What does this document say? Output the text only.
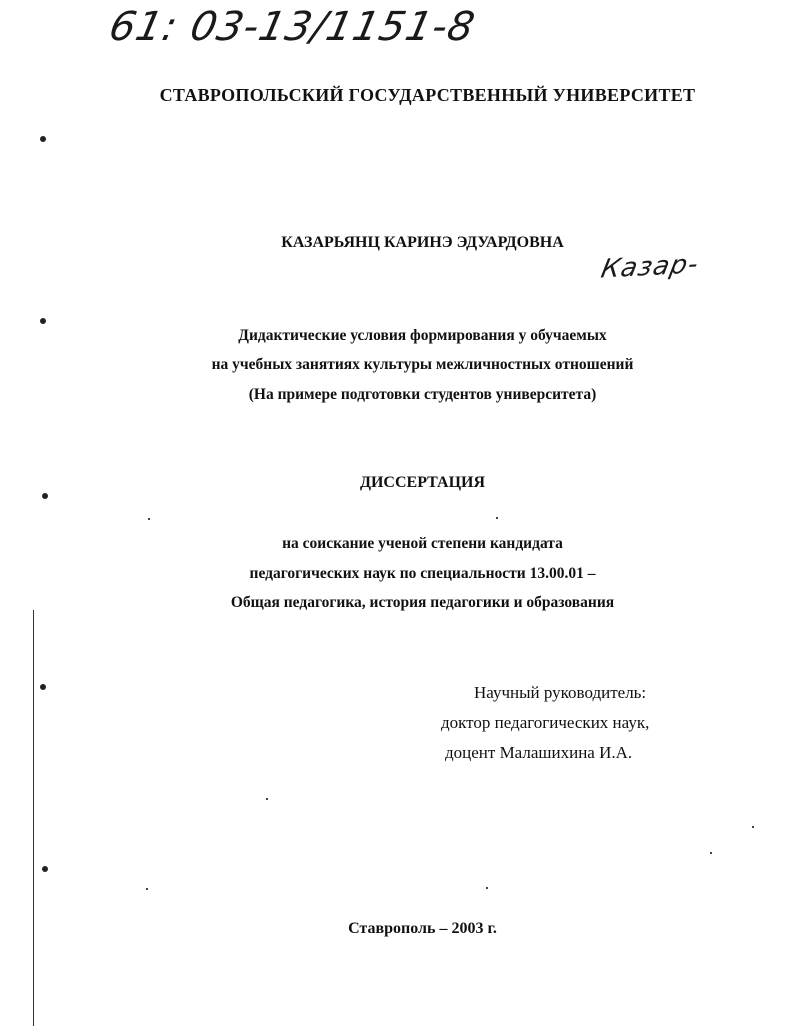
61: 03-13/1151-8
СТАВРОПОЛЬСКИЙ ГОСУДАРСТВЕННЫЙ УНИВЕРСИТЕТ
КАЗАРЬЯНЦ КАРИНЭ ЭДУАРДОВНА
Казар-
Дидактические условия формирования у обучаемых
на учебных занятиях культуры межличностных отношений
(На примере подготовки студентов университета)
ДИССЕРТАЦИЯ
на соискание ученой степени кандидата
педагогических наук по специальности 13.00.01 –
Общая педагогика, история педагогики и образования
Научный руководитель:
доктор педагогических наук,
доцент Малашихина И.А.
Ставрополь – 2003 г.
